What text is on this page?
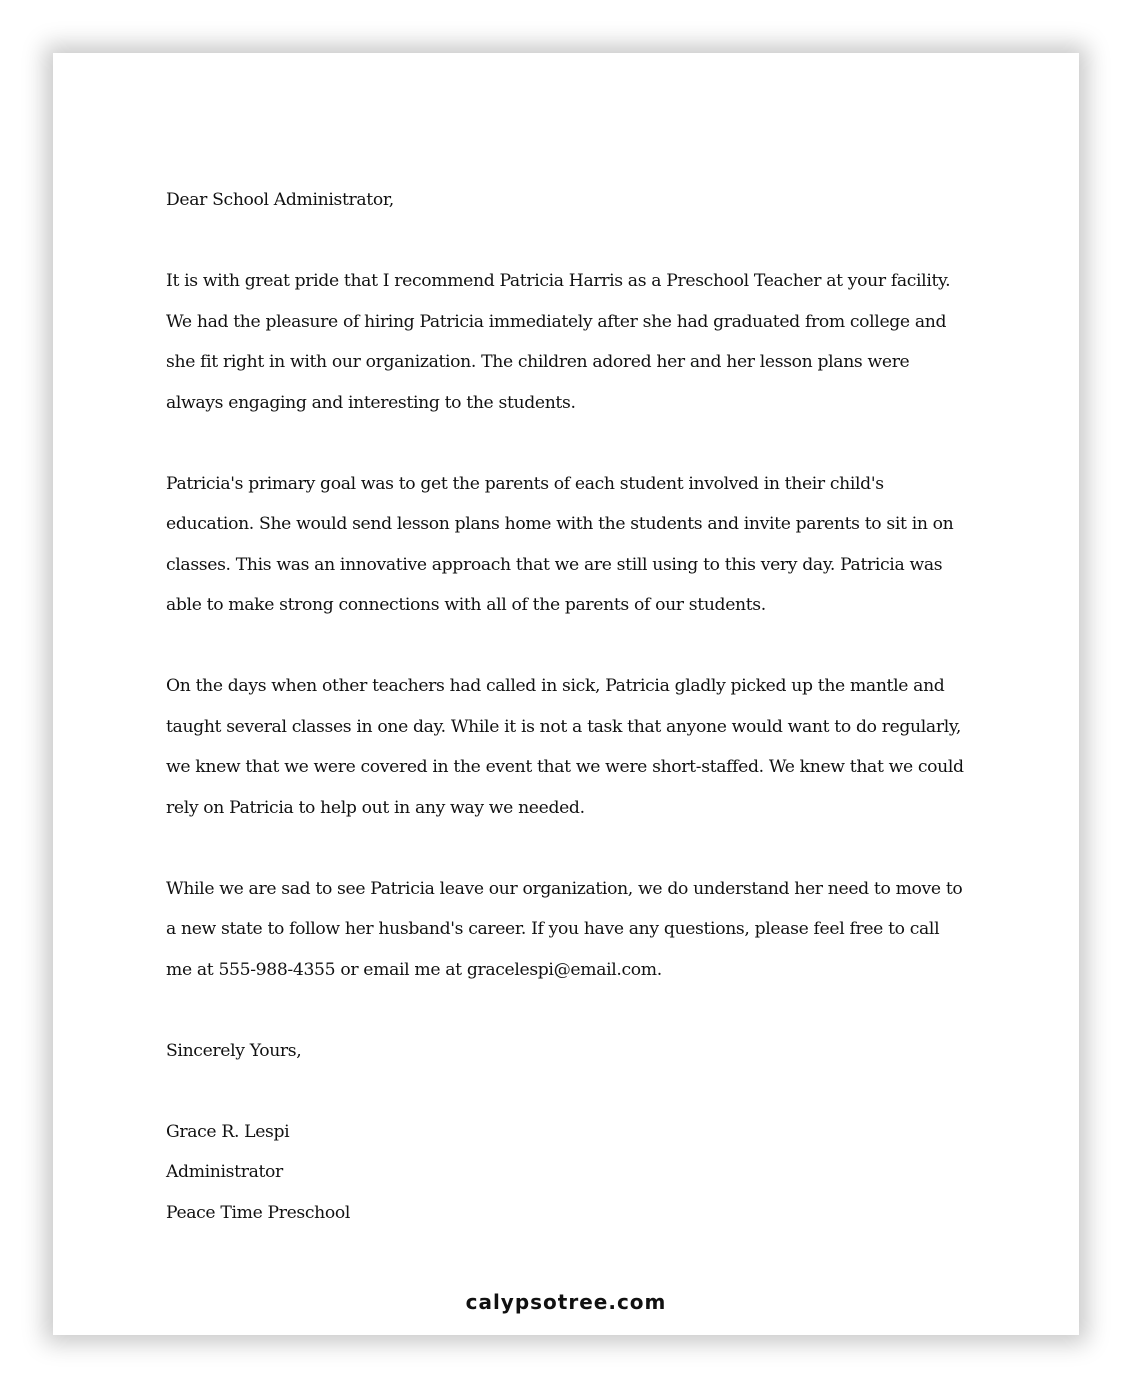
Dear School Administrator,

It is with great pride that I recommend Patricia Harris as a Preschool Teacher at your facility. We had the pleasure of hiring Patricia immediately after she had graduated from college and she fit right in with our organization. The children adored her and her lesson plans were always engaging and interesting to the students.

Patricia's primary goal was to get the parents of each student involved in their child's education. She would send lesson plans home with the students and invite parents to sit in on classes. This was an innovative approach that we are still using to this very day. Patricia was able to make strong connections with all of the parents of our students.

On the days when other teachers had called in sick, Patricia gladly picked up the mantle and taught several classes in one day. While it is not a task that anyone would want to do regularly, we knew that we were covered in the event that we were short-staffed. We knew that we could rely on Patricia to help out in any way we needed.

While we are sad to see Patricia leave our organization, we do understand her need to move to a new state to follow her husband's career. If you have any questions, please feel free to call me at 555-988-4355 or email me at gracelespi@email.com.

Sincerely Yours,

Grace R. Lespi

Administrator

Peace Time Preschool

calypsotree.com
